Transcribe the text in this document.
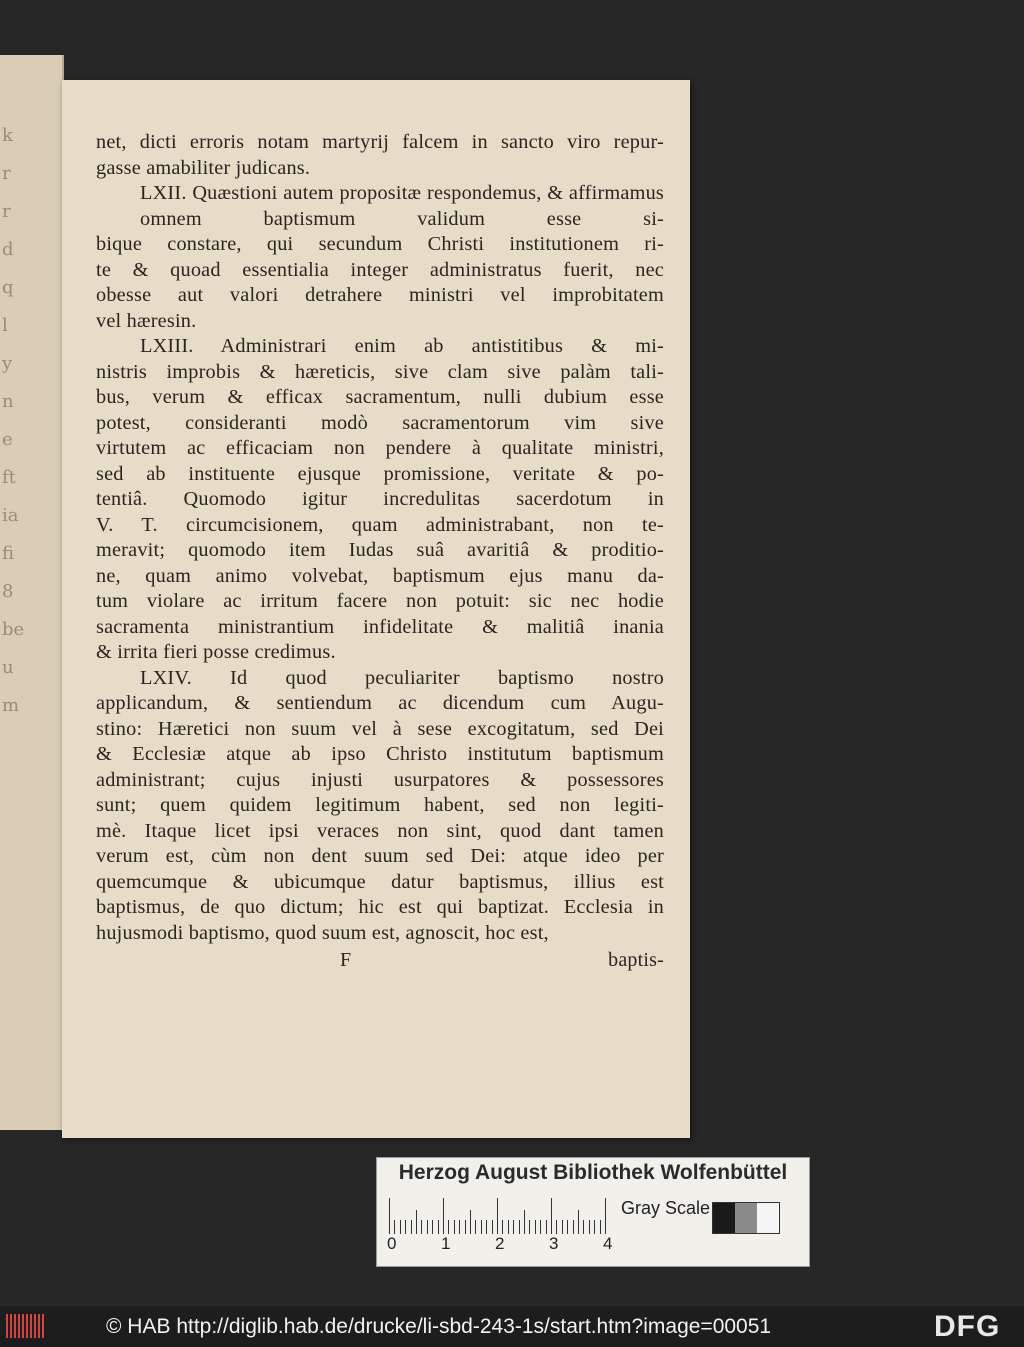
k
r
r
d
q
l
y
n
e
ft
ia
fi
8
be
u
m
net, dicti erroris notam martyrij falcem in sancto viro repur-
gasse amabiliter judicans.
LXII. Quæstioni autem propositæ respondemus, & affirmamus omnem baptismum validum esse si-
bique constare, qui secundum Christi institutionem ri-
te & quoad essentialia integer administratus fuerit, nec
obesse aut valori detrahere ministri vel improbitatem
vel hæresin.
LXIII. Administrari enim ab antistitibus & mi-
nistris improbis & hæreticis, sive clam sive palàm tali-
bus, verum & efficax sacramentum, nulli dubium esse
potest, consideranti modò sacramentorum vim sive
virtutem ac efficaciam non pendere à qualitate ministri,
sed ab instituente ejusque promissione, veritate & po-
tentiâ. Quomodo igitur incredulitas sacerdotum in
V. T. circumcisionem, quam administrabant, non te-
meravit; quomodo item Iudas suâ avaritiâ & proditio-
ne, quam animo volvebat, baptismum ejus manu da-
tum violare ac irritum facere non potuit: sic nec hodie
sacramenta ministrantium infidelitate & malitiâ inania
& irrita fieri posse credimus.
LXIV. Id quod peculiariter baptismo nostro
applicandum, & sentiendum ac dicendum cum Augu-
stino: Hæretici non suum vel à sese excogitatum, sed Dei
& Ecclesiæ atque ab ipso Christo institutum baptismum
administrant; cujus injusti usurpatores & possessores
sunt; quem quidem legitimum habent, sed non legiti-
mè. Itaque licet ipsi veraces non sint, quod dant tamen
verum est, cùm non dent suum sed Dei: atque ideo per
quemcumque & ubicumque datur baptismus, illius est
baptismus, de quo dictum; hic est qui baptizat. Ecclesia in
hujusmodi baptismo, quod suum est, agnoscit, hoc est,
F	baptis-
Herzog August Bibliothek Wolfenbüttel
Gray Scale
0	1	2	3	4
© HAB http://diglib.hab.de/drucke/li-sbd-243-1s/start.htm?image=00051	DFG
